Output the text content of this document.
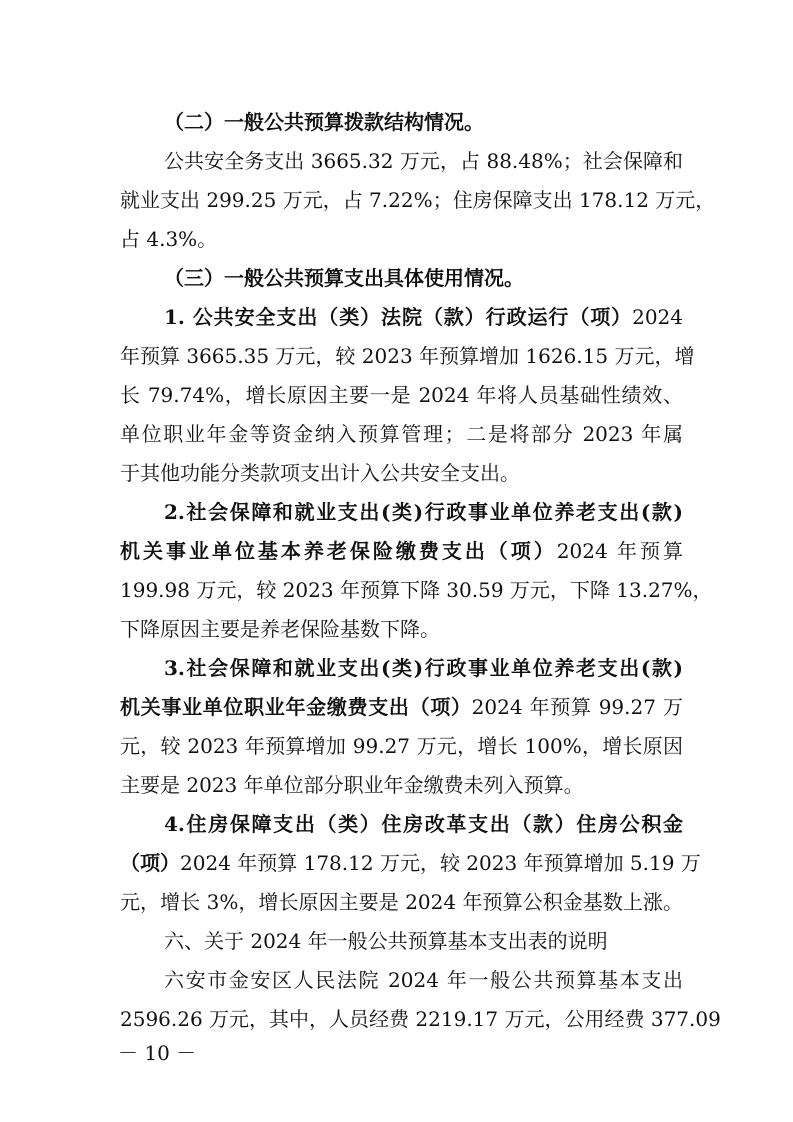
（二）一般公共预算拨款结构情况。
公共安全务支出 3665.32 万元，占 88.48%；社会保障和
就业支出 299.25 万元，占 7.22%；住房保障支出 178.12 万元，
占 4.3%。
（三）一般公共预算支出具体使用情况。
1. 公共安全支出（类）法院（款）行政运行（项）2024
年预算 3665.35 万元，较 2023 年预算增加 1626.15 万元，增
长 79.74%，增长原因主要一是 2024 年将人员基础性绩效、
单位职业年金等资金纳入预算管理；二是将部分 2023 年属
于其他功能分类款项支出计入公共安全支出。
2.社会保障和就业支出(类)行政事业单位养老支出(款)
机关事业单位基本养老保险缴费支出（项）2024 年预算
199.98 万元，较 2023 年预算下降 30.59 万元，下降 13.27%，
下降原因主要是养老保险基数下降。
3.社会保障和就业支出(类)行政事业单位养老支出(款)
机关事业单位职业年金缴费支出（项）2024 年预算 99.27 万
元，较 2023 年预算增加 99.27 万元，增长 100%，增长原因
主要是 2023 年单位部分职业年金缴费未列入预算。
4.住房保障支出（类）住房改革支出（款）住房公积金
（项）2024 年预算 178.12 万元，较 2023 年预算增加 5.19 万
元，增长 3%，增长原因主要是 2024 年预算公积金基数上涨。
六、关于 2024 年一般公共预算基本支出表的说明
六安市金安区人民法院 2024 年一般公共预算基本支出
2596.26 万元，其中，人员经费 2219.17 万元，公用经费 377.09
－ 10 －
